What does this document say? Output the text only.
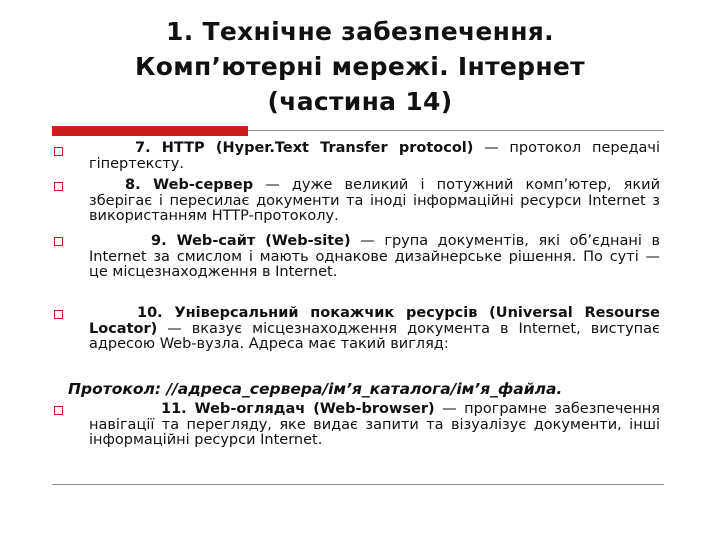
1. Технічне забезпечення.
Комп’ютерні мережі. Інтернет
(частина 14)
7. HTTP (Hyper.Text Transfer protocol) — протокол передачі гіпертексту.
8. Web-сервер — дуже великий і потужний комп’ютер, який зберігає і пересилає документи та іноді інформаційні ресурси Internet з використанням HTTP-протоколу.
9. Web-сайт (Web-site) — група документів, які об’єднані в Internet за смислом і мають однакове дизайнерське рішення. По суті — це місцезнаходження в Internet.
10. Універсальний покажчик ресурсів (Universal Resourse Locator) — вказує місцезнаходження документа в Internet, виступає адресою Web-вузла. Адреса має такий вигляд:
Протокол: //адреса_сервера/ім’я_каталога/ім’я_файла.
11. Web-оглядач (Web-browser) — програмне забезпечення навігації та перегляду, яке видає запити та візуалізує документи, інші інформаційні ресурси Internet.
